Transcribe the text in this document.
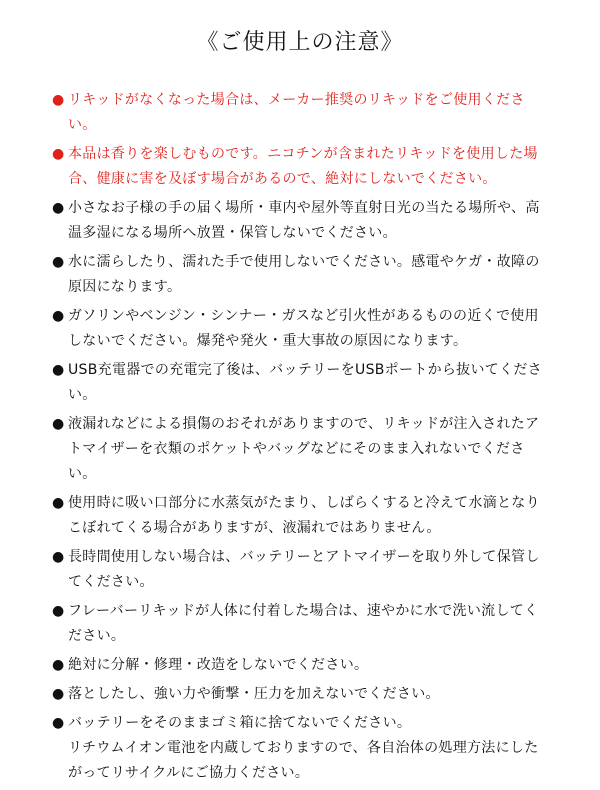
《ご使用上の注意》
● リキッドがなくなった場合は、メーカー推奨のリキッドをご使用ください。
● 本品は香りを楽しむものです。ニコチンが含まれたリキッドを使用した場合、健康に害を及ぼす場合があるので、絶対にしないでください。
● 小さなお子様の手の届く場所・車内や屋外等直射日光の当たる場所や、高温多湿になる場所へ放置・保管しないでください。
● 水に濡らしたり、濡れた手で使用しないでください。感電やケガ・故障の原因になります。
● ガソリンやベンジン・シンナー・ガスなど引火性があるものの近くで使用しないでください。爆発や発火・重大事故の原因になります。
● USB充電器での充電完了後は、バッテリーをUSBポートから抜いてください。
● 液漏れなどによる損傷のおそれがありますので、リキッドが注入されたアトマイザーを衣類のポケットやバッグなどにそのまま入れないでください。
● 使用時に吸い口部分に水蒸気がたまり、しばらくすると冷えて水滴となりこぼれてくる場合がありますが、液漏れではありません。
● 長時間使用しない場合は、バッテリーとアトマイザーを取り外して保管してください。
● フレーバーリキッドが人体に付着した場合は、速やかに水で洗い流してください。
● 絶対に分解・修理・改造をしないでください。
● 落としたし、強い力や衝撃・圧力を加えないでください。
● バッテリーをそのままゴミ箱に捨てないでください。
リチウムイオン電池を内蔵しておりますので、各自治体の処理方法にしたがってリサイクルにご協力ください。
